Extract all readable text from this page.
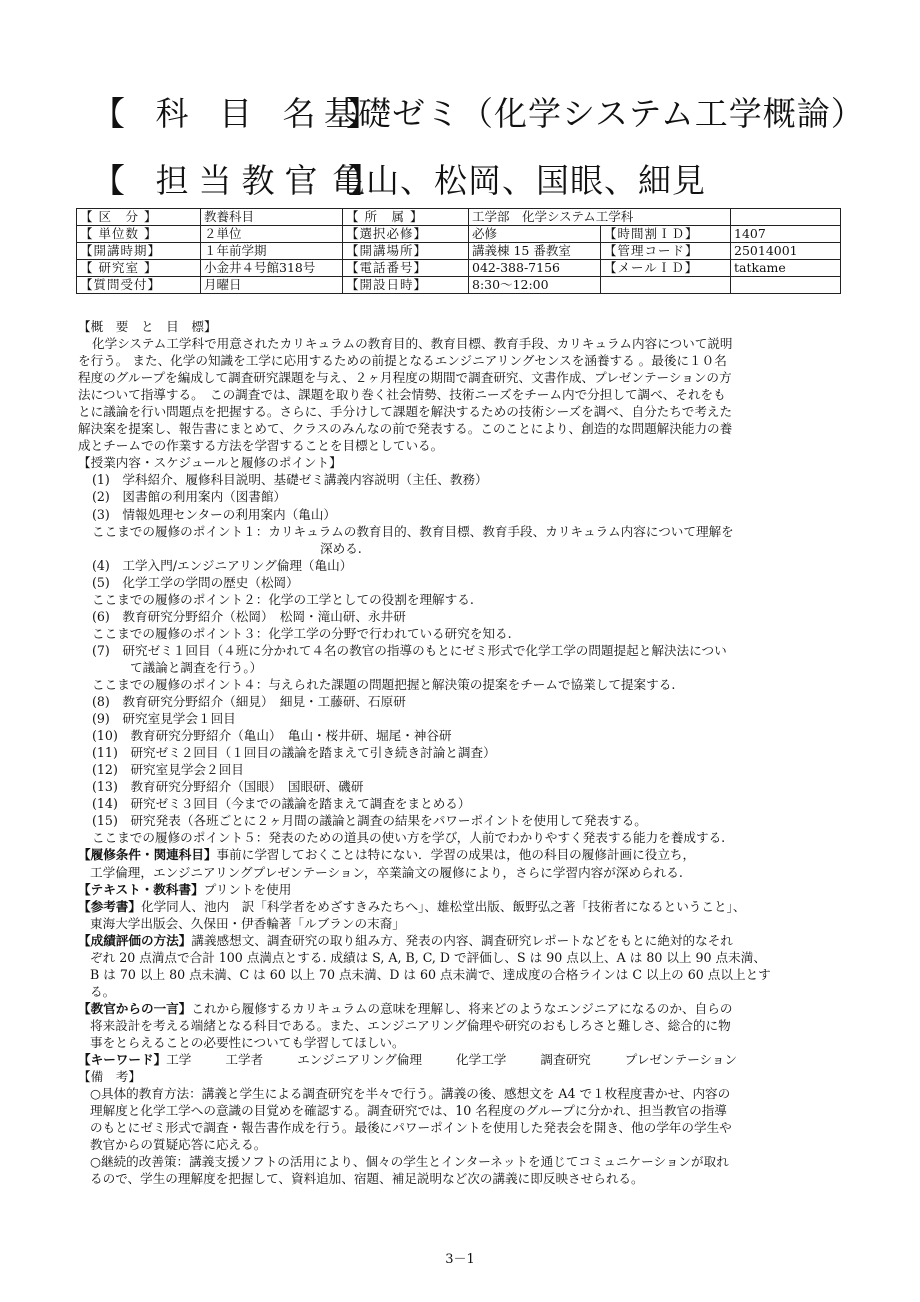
【 科 目 名 】基礎ゼミ（化学システム工学概論）
【 担当教官 】亀山、松岡、国眼、細見
【 区　分 】	教養科目	【 所　属 】	工学部　化学システム工学科		
【 単位数 】	２単位	【選択必修】	必修	【時間割ＩＤ】	1407
【開講時期】	１年前学期	【開講場所】	講義棟 15 番教室	【管理コード】	25014001
【 研究室 】	小金井４号館318号	【電話番号】	042-388-7156	【メールＩＤ】	tatkame
【質問受付】	月曜日	【開設日時】	8:30～12:00		

【概　要　と　目　標】

化学システム工学科で用意されたカリキュラムの教育目的、教育目標、教育手段、カリキュラム内容について説明

を行う。 また、化学の知識を工学に応用するための前提となるエンジニアリングセンスを涵養する 。最後に１０名

程度のグループを編成して調査研究課題を与え、２ヶ月程度の期間で調査研究、文書作成、プレゼンテーションの方

法について指導する。　この調査では、課題を取り巻く社会情勢、技術ニーズをチーム内で分担して調べ、それをも

とに議論を行い問題点を把握する。さらに、手分けして課題を解決するための技術シーズを調べ、自分たちで考えた

解決案を提案し、報告書にまとめて、クラスのみんなの前で発表する。このことにより、創造的な問題解決能力の養

成とチームでの作業する方法を学習することを目標としている。

【授業内容・スケジュールと履修のポイント】

(1)　学科紹介、履修科目説明、基礎ゼミ講義内容説明（主任、教務）

(2)　図書館の利用案内（図書館）

(3)　情報処理センターの利用案内（亀山）

ここまでの履修のポイント１：カリキュラムの教育目的、教育目標、教育手段、カリキュラム内容について理解を
深める.

(4)　工学入門/エンジニアリング倫理（亀山）

(5)　化学工学の学問の歴史（松岡）

ここまでの履修のポイント２：化学の工学としての役割を理解する.

(6)　教育研究分野紹介（松岡）　松岡・滝山研、永井研

ここまでの履修のポイント３：化学工学の分野で行われている研究を知る.

(7)　研究ゼミ１回目（４班に分かれて４名の教官の指導のもとにゼミ形式で化学工学の問題提起と解決法につい

て議論と調査を行う。）

ここまでの履修のポイント４：与えられた課題の問題把握と解決策の提案をチームで協業して提案する.

(8)　教育研究分野紹介（細見）　細見・工藤研、石原研

(9)　研究室見学会１回目

(10)　教育研究分野紹介（亀山）　亀山・桜井研、堀尾・神谷研

(11)　研究ゼミ２回目（１回目の議論を踏まえて引き続き討論と調査）

(12)　研究室見学会２回目

(13)　教育研究分野紹介（国眼）　国眼研、磯研

(14)　研究ゼミ３回目（今までの議論を踏まえて調査をまとめる）

(15)　研究発表（各班ごとに２ヶ月間の議論と調査の結果をパワーポイントを使用して発表する。

ここまでの履修のポイント５：発表のための道具の使い方を学び，人前でわかりやすく発表する能力を養成する.

【履修条件・関連科目】事前に学習しておくことは特にない．学習の成果は，他の科目の履修計画に役立ち，

工学倫理，エンジニアリングプレゼンテーション，卒業論文の履修により，さらに学習内容が深められる.

【テキスト・教科書】プリントを使用

【参考書】化学同人、池内　訳「科学者をめざすきみたちへ」、雄松堂出版、飯野弘之著「技術者になるということ」、

東海大学出版会、久保田・伊香輪著「ルブランの末裔」

【成績評価の方法】講義感想文、調査研究の取り組み方、発表の内容、調査研究レポートなどをもとに絶対的なそれ

ぞれ 20 点満点で合計 100 点満点とする. 成績は S, A, B, C, D で評価し、S は 90 点以上、A は 80 以上 90 点未満、

B は 70 以上 80 点未満、C は 60 以上 70 点未満、D は 60 点未満で、達成度の合格ラインは C 以上の 60 点以上とす

る。

【教官からの一言】これから履修するカリキュラムの意味を理解し、将来どのようなエンジニアになるのか、自らの

将来設計を考える端緒となる科目である。また、エンジニアリング倫理や研究のおもしろさと難しさ、総合的に物

事をとらえることの必要性についても学習してほしい。

【キーワード】工学	工学者	エンジニアリング倫理	化学工学	調査研究	プレゼンテーション

【備　考】

○具体的教育方法：講義と学生による調査研究を半々で行う。講義の後、感想文を A4 で１枚程度書かせ、内容の

理解度と化学工学への意識の目覚めを確認する。調査研究では、10 名程度のグループに分かれ、担当教官の指導

のもとにゼミ形式で調査・報告書作成を行う。最後にパワーポイントを使用した発表会を開き、他の学年の学生や

教官からの質疑応答に応える。

○継続的改善策：講義支援ソフトの活用により、個々の学生とインターネットを通じてコミュニケーションが取れ

るので、学生の理解度を把握して、資料追加、宿題、補足説明など次の講義に即反映させられる。

3－1
